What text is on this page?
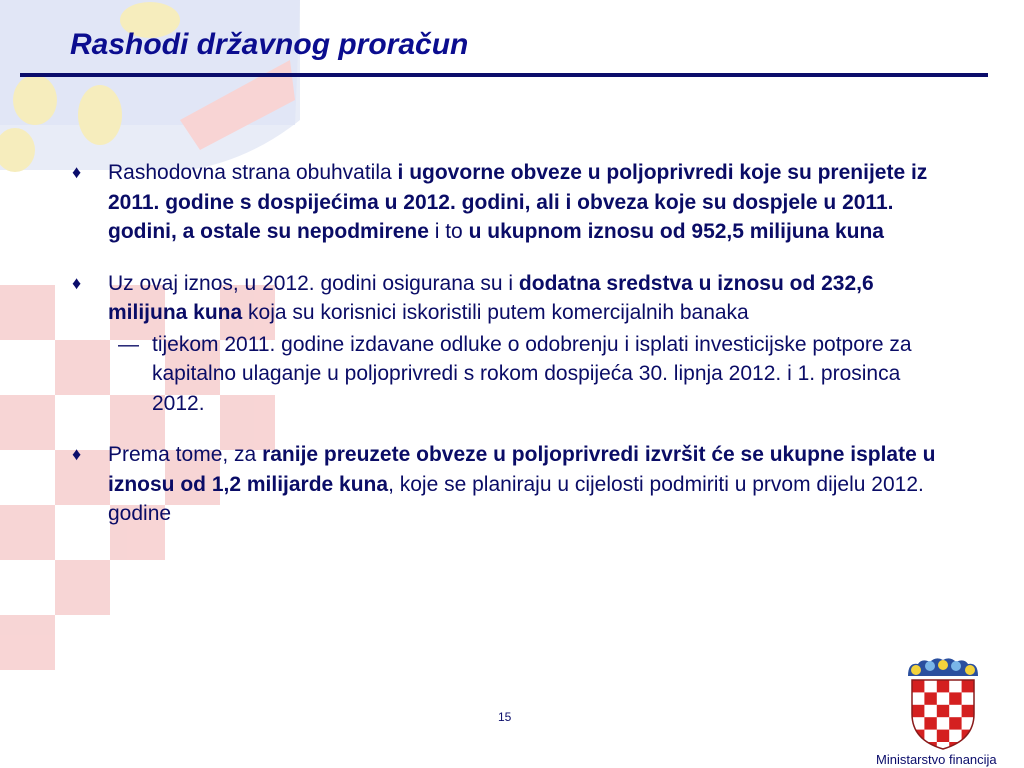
Rashodi državnog proračun
♦ Rashodovna strana obuhvatila i ugovorne obveze u poljoprivredi koje su prenijete iz 2011. godine s dospijećima u 2012. godini, ali i obveza koje su dospjele u 2011. godini, a ostale su nepodmirene i to u ukupnom iznosu od 952,5 milijuna kuna
♦ Uz ovaj iznos, u 2012. godini osigurana su i dodatna sredstva u iznosu od 232,6 milijuna kuna koja su korisnici iskoristili putem komercijalnih banaka
— tijekom 2011. godine izdavane odluke o odobrenju i isplati investicijske potpore za kapitalno ulaganje u poljoprivredi s rokom dospijeća 30. lipnja 2012. i 1. prosinca 2012.
♦ Prema tome, za ranije preuzete obveze u poljoprivredi izvršit će se ukupne isplate u iznosu od 1,2 milijarde kuna, koje se planiraju u cijelosti podmiriti u prvom dijelu 2012. godine
15
Ministarstvo financija
